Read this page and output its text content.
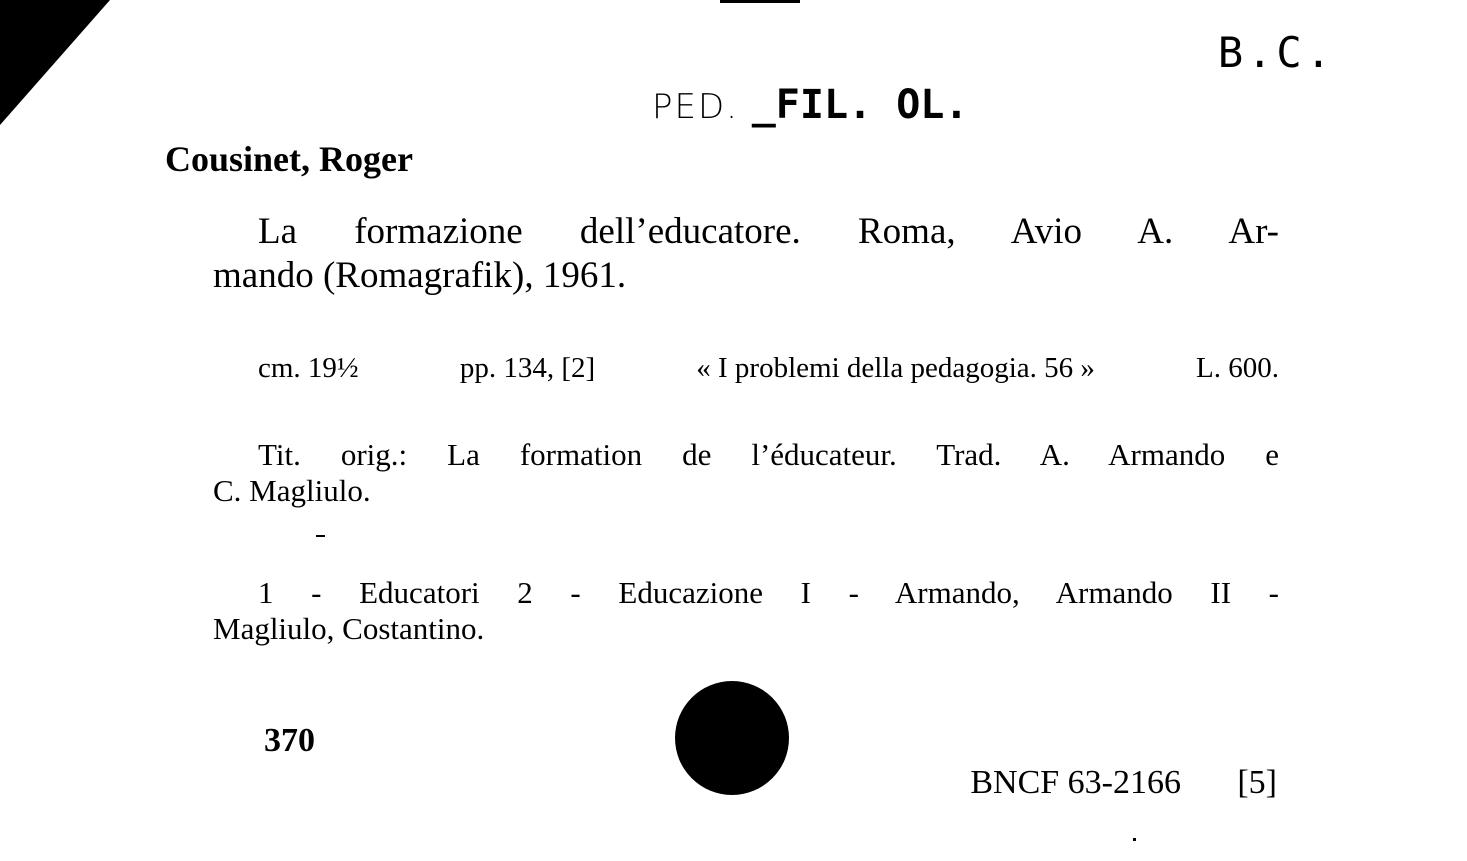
B.C.
PED. _FIL. OL.
Cousinet, Roger
La formazione dell’educatore. Roma, Avio A. Ar-
mando (Romagrafik), 1961.
cm. 19½	pp. 134, [2]	« I problemi della pedagogia. 56 »	L. 600.
Tit. orig.: La formation de l’éducateur. Trad. A. Armando e
C. Magliulo.
1 - Educatori 2 - Educazione I - Armando, Armando II -
Magliulo, Costantino.
370
BNCF 63-2166 [5]
